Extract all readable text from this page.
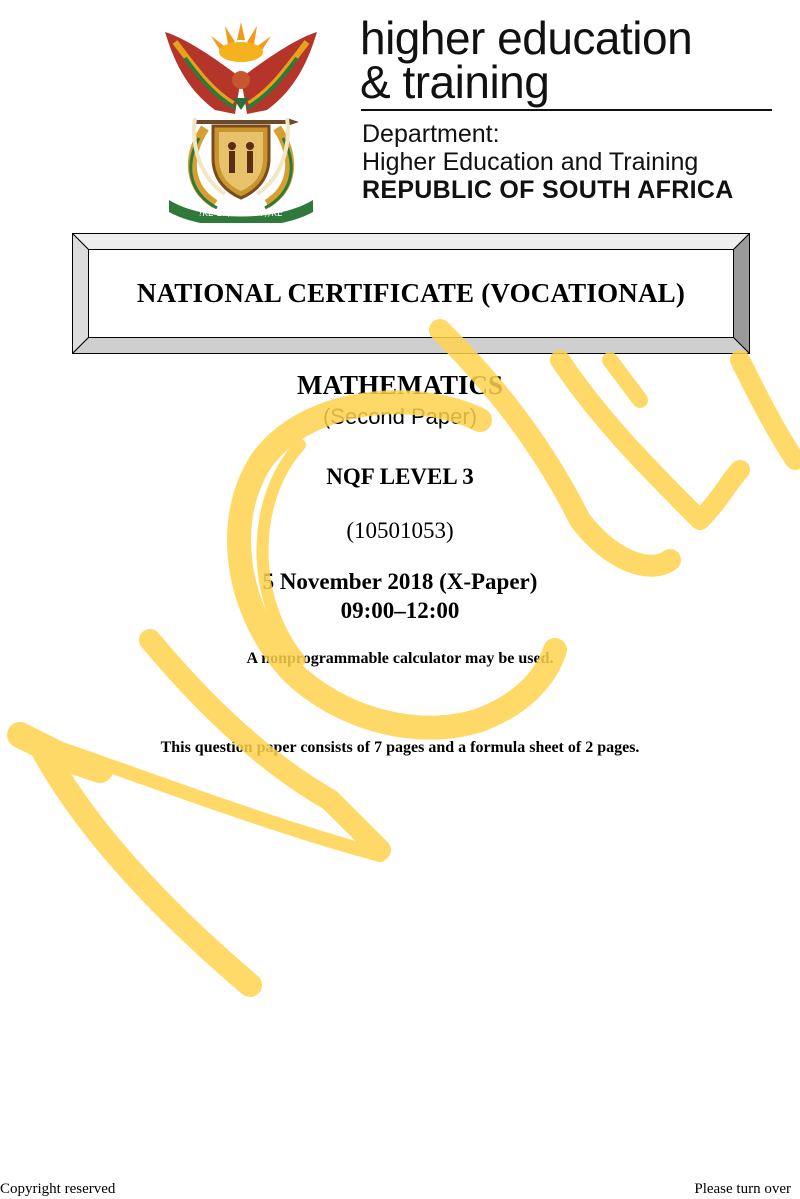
!KE E: /XARRA //KE
higher education
& training
Department:
Higher Education and Training
REPUBLIC OF SOUTH AFRICA
NATIONAL CERTIFICATE (VOCATIONAL)
MATHEMATICS
(Second Paper)
NQF LEVEL 3
(10501053)
5 November 2018 (X-Paper)
09:00–12:00
A nonprogrammable calculator may be used.
This question paper consists of 7 pages and a formula sheet of 2 pages.
Copyright reserved	Please turn over
